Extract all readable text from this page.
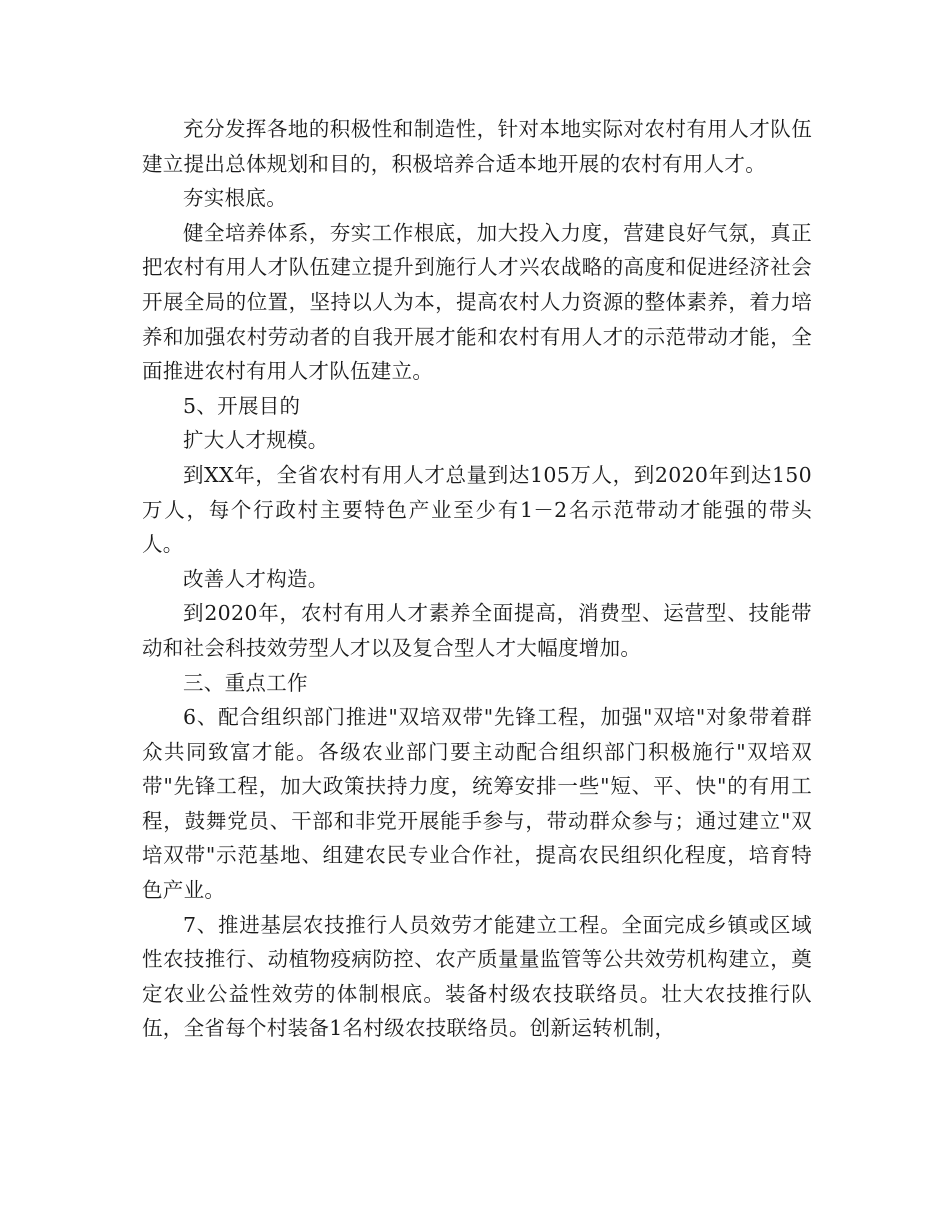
充分发挥各地的积极性和制造性，针对本地实际对农村有用人才队伍建立提出总体规划和目的，积极培养合适本地开展的农村有用人才。

夯实根底。

健全培养体系，夯实工作根底，加大投入力度，营建良好气氛，真正把农村有用人才队伍建立提升到施行人才兴农战略的高度和促进经济社会开展全局的位置，坚持以人为本，提高农村人力资源的整体素养，着力培养和加强农村劳动者的自我开展才能和农村有用人才的示范带动才能，全面推进农村有用人才队伍建立。

5、开展目的

扩大人才规模。

到XX年，全省农村有用人才总量到达105万人，到2020年到达150万人，每个行政村主要特色产业至少有1－2名示范带动才能强的带头人。

改善人才构造。

到2020年，农村有用人才素养全面提高，消费型、运营型、技能带动和社会科技效劳型人才以及复合型人才大幅度增加。

三、重点工作

6、配合组织部门推进"双培双带"先锋工程，加强"双培"对象带着群众共同致富才能。各级农业部门要主动配合组织部门积极施行"双培双带"先锋工程，加大政策扶持力度，统筹安排一些"短、平、快"的有用工程，鼓舞党员、干部和非党开展能手参与，带动群众参与；通过建立"双培双带"示范基地、组建农民专业合作社，提高农民组织化程度，培育特色产业。

7、推进基层农技推行人员效劳才能建立工程。全面完成乡镇或区域性农技推行、动植物疫病防控、农产质量量监管等公共效劳机构建立，奠定农业公益性效劳的体制根底。装备村级农技联络员。壮大农技推行队伍，全省每个村装备1名村级农技联络员。创新运转机制，
